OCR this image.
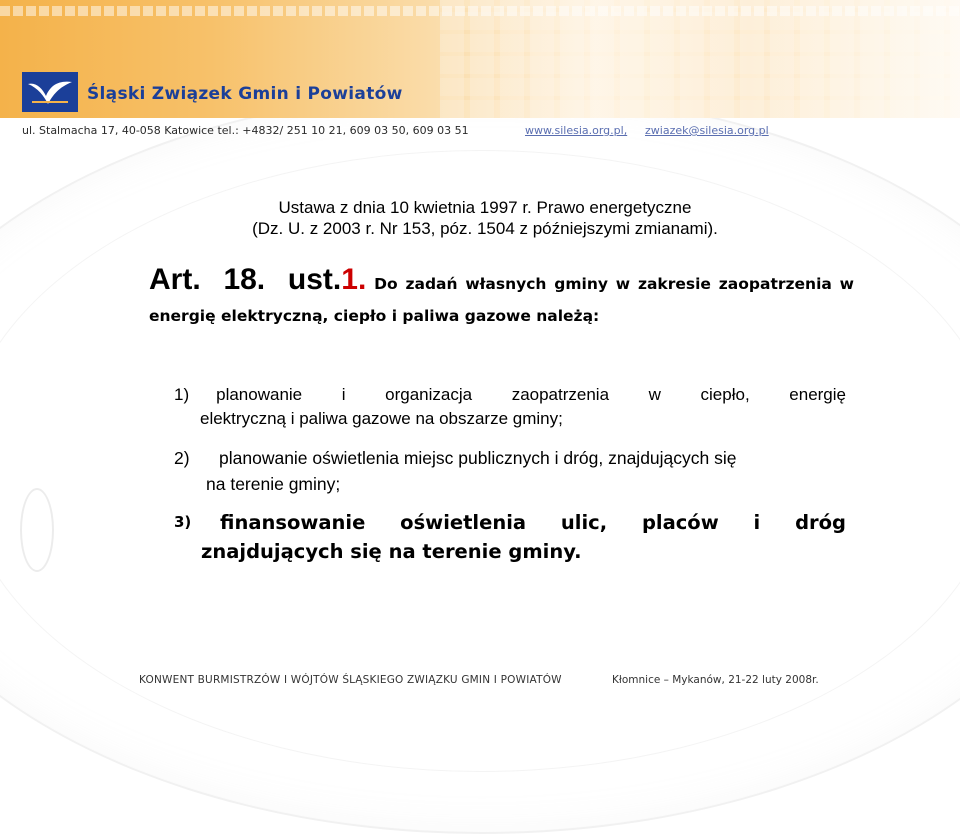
Śląski Związek Gmin i Powiatów
ul. Stalmacha 17, 40-058 Katowice tel.: +4832/ 251 10 21, 609 03 50, 609 03 51	www.silesia.org.pl, zwiazek@silesia.org.pl
Ustawa z dnia 10 kwietnia 1997 r. Prawo energetyczne
(Dz. U. z 2003 r. Nr 153, póz. 1504 z późniejszymi zmianami).
Art. 18. ust.1. Do zadań własnych gminy w zakresie zaopatrzenia w energię elektryczną, ciepło i paliwa gazowe należą:
1) planowanie i organizacja zaopatrzenia w ciepło, energię
elektryczną i paliwa gazowe na obszarze gminy;
2) planowanie oświetlenia miejsc publicznych i dróg, znajdujących się
na terenie gminy;
3)	finansowanie oświetlenia ulic, placów i dróg
znajdujących się na terenie gminy.
KONWENT BURMISTRZÓW I WÓJTÓW ŚLĄSKIEGO ZWIĄZKU GMIN I POWIATÓW	Kłomnice – Mykanów, 21-22 luty 2008r.
